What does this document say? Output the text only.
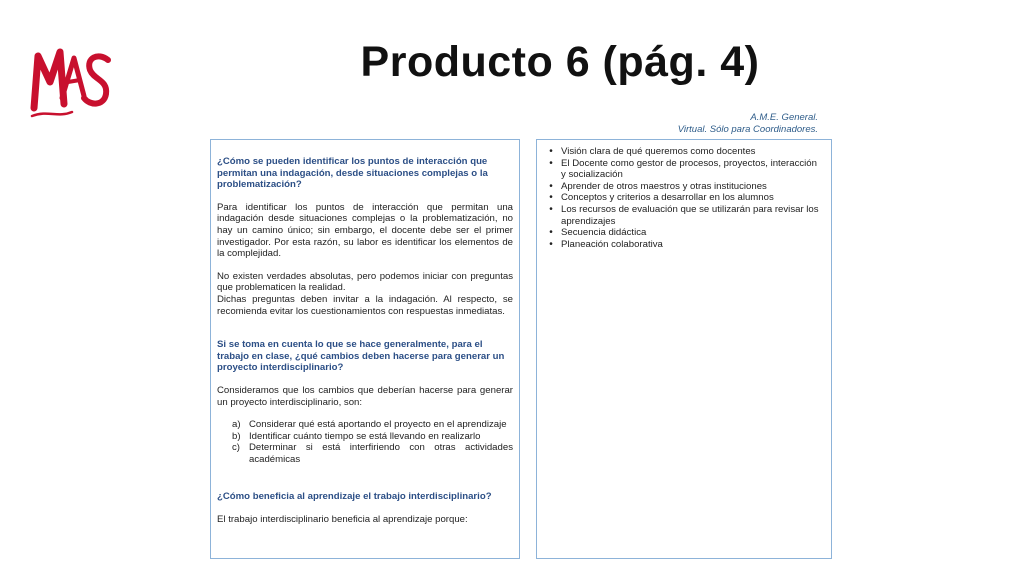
Producto 6 (pág. 4)
A.M.E. General.
Virtual. Sólo para Coordinadores.

¿Cómo se pueden identificar los puntos de interacción que permitan una indagación, desde situaciones complejas o la problematización?

Para identificar los puntos de interacción que permitan una indagación desde situaciones complejas o la problematización, no hay un camino único; sin embargo, el docente debe ser el primer investigador. Por esta razón, su labor es identificar los elementos de la complejidad.

No existen verdades absolutas, pero podemos iniciar con preguntas que problematicen la realidad.

Dichas preguntas deben invitar a la indagación. Al respecto, se recomienda evitar los cuestionamientos con respuestas inmediatas.

Si se toma en cuenta lo que se hace generalmente, para el trabajo en clase, ¿qué cambios deben hacerse para generar un proyecto interdisciplinario?

Consideramos que los cambios que deberían hacerse para generar un proyecto interdisciplinario, son:

a) Considerar qué está aportando el proyecto en el aprendizaje
b) Identificar cuánto tiempo se está llevando en realizarlo
c) Determinar si está interfiriendo con otras actividades académicas

¿Cómo beneficia al aprendizaje el trabajo interdisciplinario?

El trabajo interdisciplinario beneficia al aprendizaje porque:

• Visión clara de qué queremos como docentes
• El Docente como gestor de procesos, proyectos, interacción y socialización
• Aprender de otros maestros y otras instituciones
• Conceptos y criterios a desarrollar en los alumnos
• Los recursos de evaluación que se utilizarán para revisar los aprendizajes
• Secuencia didáctica
• Planeación colaborativa
